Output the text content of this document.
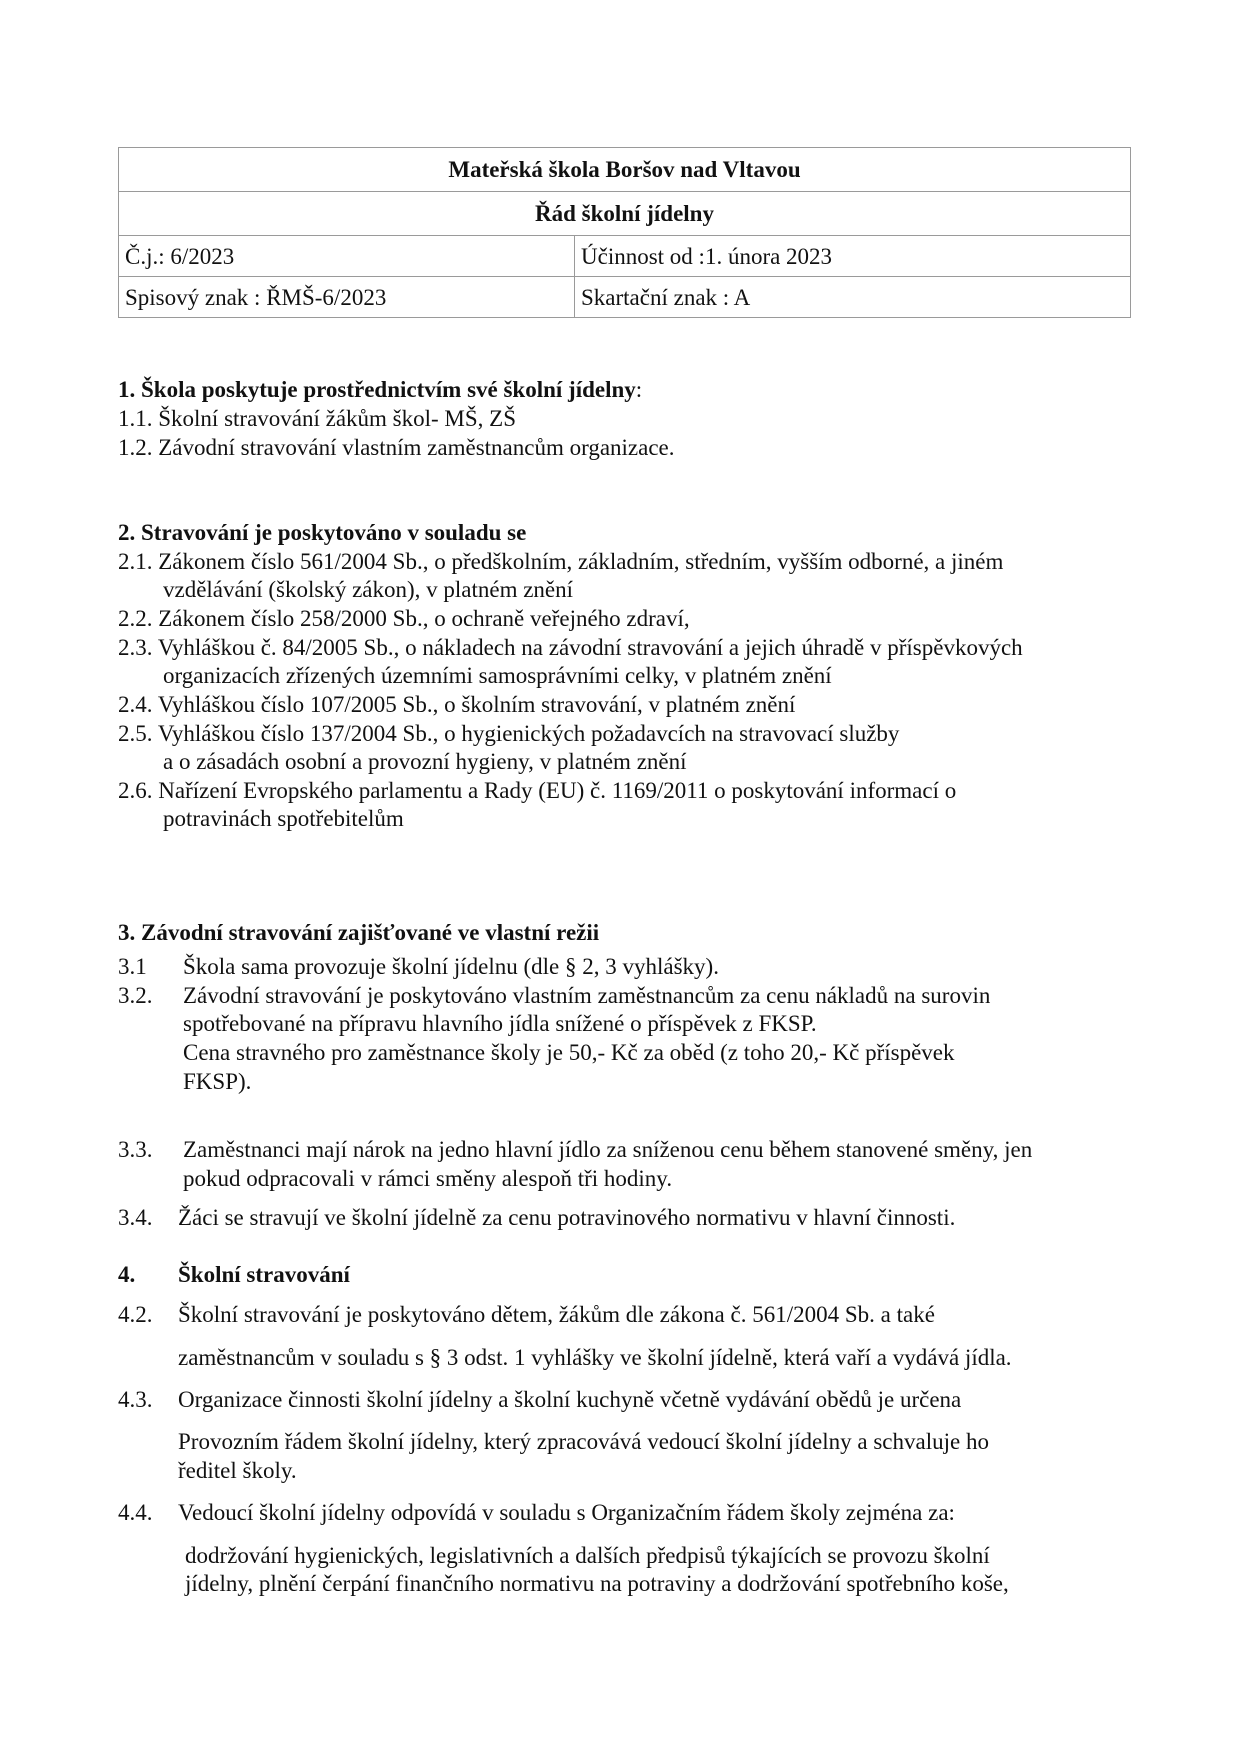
Mateřská škola Boršov nad Vltavou	
Řád školní jídelny	
Č.j.: 6/2023	Účinnost od :1. února 2023
Spisový znak : ŘMŠ-6/2023	Skartační znak : A
1. Škola poskytuje prostřednictvím své školní jídelny:
1.1. Školní stravování žákům škol- MŠ, ZŠ
1.2. Závodní stravování vlastním zaměstnancům organizace.
2. Stravování je poskytováno v souladu se
2.1. Zákonem číslo 561/2004 Sb., o předškolním, základním, středním, vyšším odborné, a jiném
vzdělávání (školský zákon), v platném znění
2.2. Zákonem číslo 258/2000 Sb., o ochraně veřejného zdraví,
2.3. Vyhláškou č. 84/2005 Sb., o nákladech na závodní stravování a jejich úhradě v příspěvkových
organizacích zřízených územními samosprávními celky, v platném znění
2.4. Vyhláškou číslo 107/2005 Sb., o školním stravování, v platném znění
2.5. Vyhláškou číslo 137/2004 Sb., o hygienických požadavcích na stravovací služby
a o zásadách osobní a provozní hygieny, v platném znění
2.6. Nařízení Evropského parlamentu a Rady (EU) č. 1169/2011 o poskytování informací o
potravinách spotřebitelům
3. Závodní stravování zajišťované ve vlastní režii
3.1 Škola sama provozuje školní jídelnu (dle § 2, 3 vyhlášky).
3.2. Závodní stravování je poskytováno vlastním zaměstnancům za cenu nákladů na surovin
spotřebované na přípravu hlavního jídla snížené o příspěvek z FKSP.
Cena stravného pro zaměstnance školy je 50,- Kč za oběd (z toho 20,- Kč příspěvek
FKSP).
3.3. Zaměstnanci mají nárok na jedno hlavní jídlo za sníženou cenu během stanovené směny, jen
pokud odpracovali v rámci směny alespoň tři hodiny.
3.4. Žáci se stravují ve školní jídelně za cenu potravinového normativu v hlavní činnosti.
4. Školní stravování
4.2. Školní stravování je poskytováno dětem, žákům dle zákona č. 561/2004 Sb. a také
zaměstnancům v souladu s § 3 odst. 1 vyhlášky ve školní jídelně, která vaří a vydává jídla.
4.3. Organizace činnosti školní jídelny a školní kuchyně včetně vydávání obědů je určena
Provozním řádem školní jídelny, který zpracovává vedoucí školní jídelny a schvaluje ho
ředitel školy.
4.4. Vedoucí školní jídelny odpovídá v souladu s Organizačním řádem školy zejména za:
dodržování hygienických, legislativních a dalších předpisů týkajících se provozu školní
jídelny, plnění čerpání finančního normativu na potraviny a dodržování spotřebního koše,
